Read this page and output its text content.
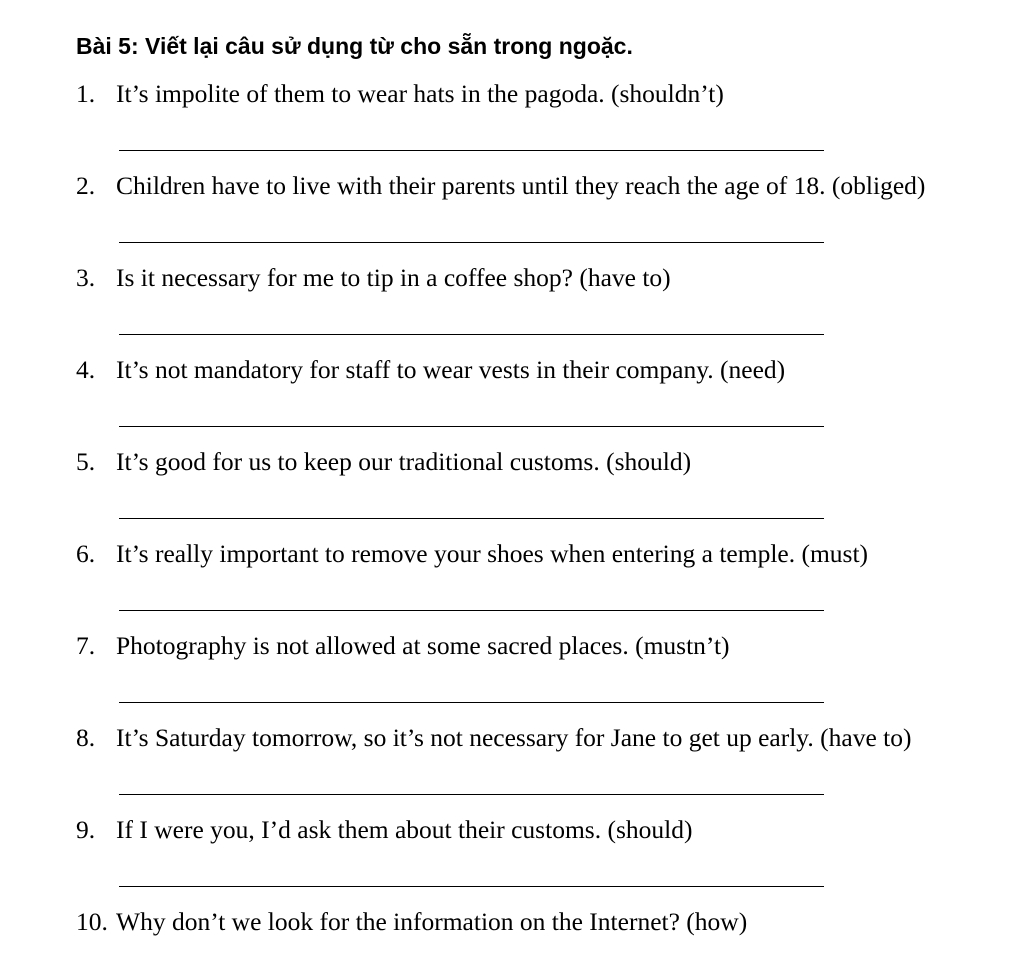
Bài 5: Viết lại câu sử dụng từ cho sẵn trong ngoặc.
1. It’s impolite of them to wear hats in the pagoda. (shouldn’t)
2. Children have to live with their parents until they reach the age of 18. (obliged)
3. Is it necessary for me to tip in a coffee shop? (have to)
4. It’s not mandatory for staff to wear vests in their company. (need)
5. It’s good for us to keep our traditional customs. (should)
6. It’s really important to remove your shoes when entering a temple. (must)
7. Photography is not allowed at some sacred places. (mustn’t)
8. It’s Saturday tomorrow, so it’s not necessary for Jane to get up early. (have to)
9. If I were you, I’d ask them about their customs. (should)
10. Why don’t we look for the information on the Internet? (how)
